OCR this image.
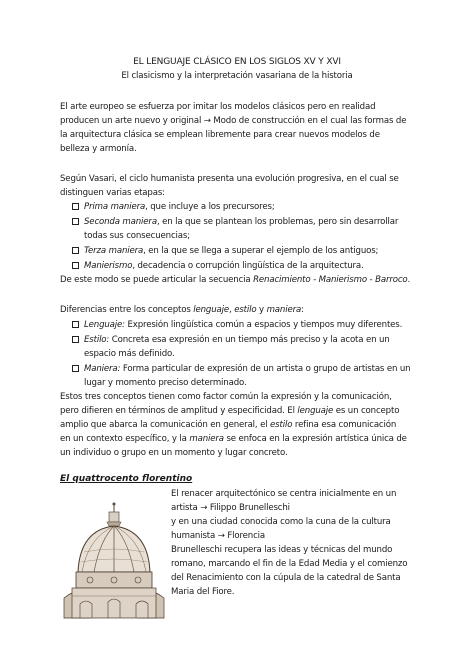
EL LENGUAJE CLÁSICO EN LOS SIGLOS XV Y XVI
El clasicismo y la interpretación vasariana de la historia
El arte europeo se esfuerza por imitar los modelos clásicos pero en realidad
producen un arte nuevo y original → Modo de construcción en el cual las formas de
la arquitectura clásica se emplean libremente para crear nuevos modelos de
belleza y armonía.
Según Vasari, el ciclo humanista presenta una evolución progresiva, en el cual se
distinguen varias etapas:
Prima maniera, que incluye a los precursores;
Seconda maniera, en la que se plantean los problemas, pero sin desarrollar
todas sus consecuencias;
Terza maniera, en la que se llega a superar el ejemplo de los antiguos;
Manierismo, decadencia o corrupción lingüística de la arquitectura.
De este modo se puede articular la secuencia Renacimiento - Manierismo - Barroco.
Diferencias entre los conceptos lenguaje, estilo y maniera:
Lenguaje: Expresión lingüística común a espacios y tiempos muy diferentes.
Estilo: Concreta esa expresión en un tiempo más preciso y la acota en un
espacio más definido.
Maniera: Forma particular de expresión de un artista o grupo de artistas en un
lugar y momento preciso determinado.
Estos tres conceptos tienen como factor común la expresión y la comunicación,
pero difieren en términos de amplitud y especificidad. El lenguaje es un concepto
amplio que abarca la comunicación en general, el estilo refina esa comunicación
en un contexto específico, y la maniera se enfoca en la expresión artística única de
un individuo o grupo en un momento y lugar concreto.
El quattrocento florentino
El renacer arquitectónico se centra inicialmente en un
artista → Filippo Brunelleschi
y en una ciudad conocida como la cuna de la cultura
humanista → Florencia
Brunelleschi recupera las ideas y técnicas del mundo
romano, marcando el fin de la Edad Media y el comienzo
del Renacimiento con la cúpula de la catedral de Santa
Maria del Fiore.
